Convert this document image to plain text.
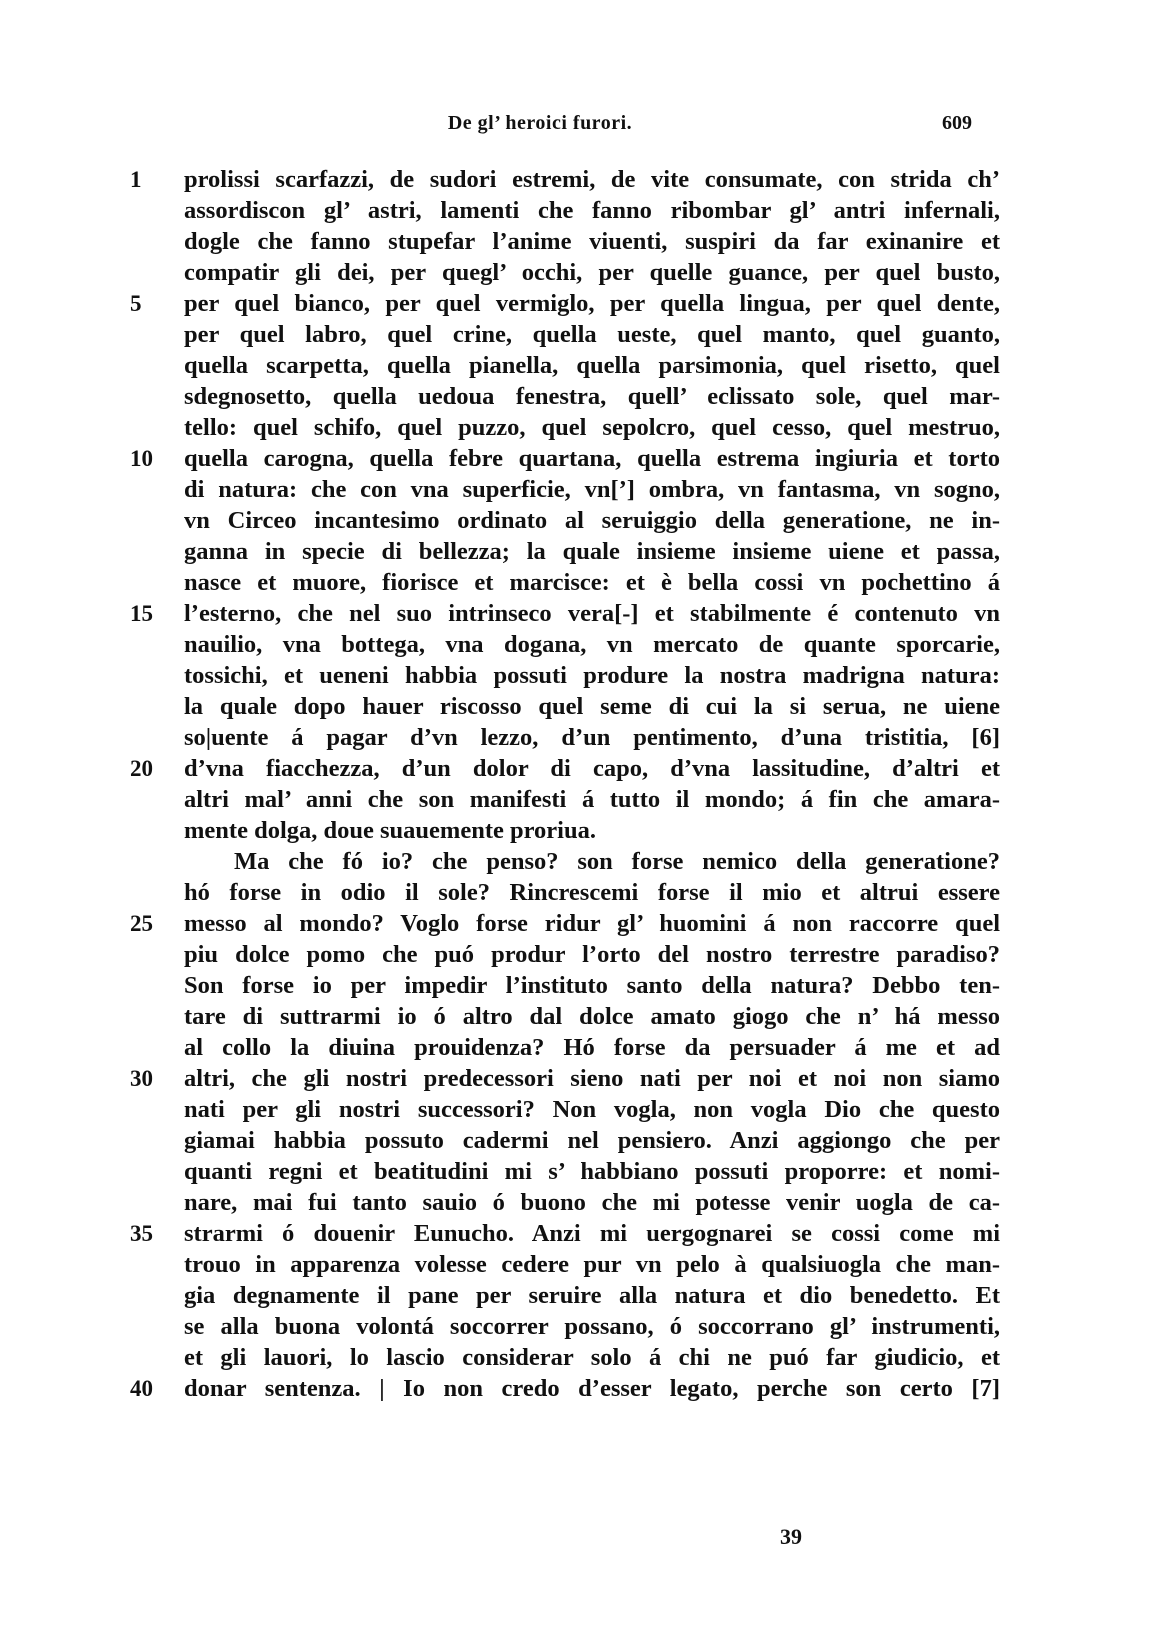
De gl’ heroici furori.	609
1	prolissi scarfazzi, de sudori estremi, de vite consumate, con strida ch’
assordiscon gl’ astri, lamenti che fanno ribombar gl’ antri infernali,
dogle che fanno stupefar l’anime viuenti, suspiri da far exinanire et
compatir gli dei, per quegl’ occhi, per quelle guance, per quel busto,
5	per quel bianco, per quel vermiglo, per quella lingua, per quel dente,
per quel labro, quel crine, quella ueste, quel manto, quel guanto,
quella scarpetta, quella pianella, quella parsimonia, quel risetto, quel
sdegnosetto, quella uedoua fenestra, quell’ eclissato sole, quel mar-
tello: quel schifo, quel puzzo, quel sepolcro, quel cesso, quel mestruo,
10	quella carogna, quella febre quartana, quella estrema ingiuria et torto
di natura: che con vna superficie, vn[’] ombra, vn fantasma, vn sogno,
vn Circeo incantesimo ordinato al seruiggio della generatione, ne in-
ganna in specie di bellezza; la quale insieme insieme uiene et passa,
nasce et muore, fiorisce et marcisce: et è bella cossi vn pochettino á
15	l’esterno, che nel suo intrinseco vera[-] et stabilmente é contenuto vn
nauilio, vna bottega, vna dogana, vn mercato de quante sporcarie,
tossichi, et ueneni habbia possuti produre la nostra madrigna natura:
la quale dopo hauer riscosso quel seme di cui la si serua, ne uiene
so|uente á pagar d’vn lezzo, d’un pentimento, d’una tristitia, [6]
20	d’vna fiacchezza, d’un dolor di capo, d’vna lassitudine, d’altri et
altri mal’ anni che son manifesti á tutto il mondo; á fin che amara-
mente dolga, doue suauemente proriua.
Ma che fó io? che penso? son forse nemico della generatione?
hó forse in odio il sole? Rincrescemi forse il mio et altrui essere
25	messo al mondo? Voglo forse ridur gl’ huomini á non raccorre quel
piu dolce pomo che puó produr l’orto del nostro terrestre paradiso?
Son forse io per impedir l’instituto santo della natura? Debbo ten-
tare di suttrarmi io ó altro dal dolce amato giogo che n’ há messo
al collo la diuina prouidenza? Hó forse da persuader á me et ad
30	altri, che gli nostri predecessori sieno nati per noi et noi non siamo
nati per gli nostri successori? Non vogla, non vogla Dio che questo
giamai habbia possuto cadermi nel pensiero. Anzi aggiongo che per
quanti regni et beatitudini mi s’ habbiano possuti proporre: et nomi-
nare, mai fui tanto sauio ó buono che mi potesse venir uogla de ca-
35	strarmi ó douenir Eunucho. Anzi mi uergognarei se cossi come mi
trouo in apparenza volesse cedere pur vn pelo à qualsiuogla che man-
gia degnamente il pane per seruire alla natura et dio benedetto. Et
se alla buona volontá soccorrer possano, ó soccorrano gl’ instrumenti,
et gli lauori, lo lascio considerar solo á chi ne puó far giudicio, et
40	donar sentenza. | Io non credo d’esser legato, perche son certo [7]
39
